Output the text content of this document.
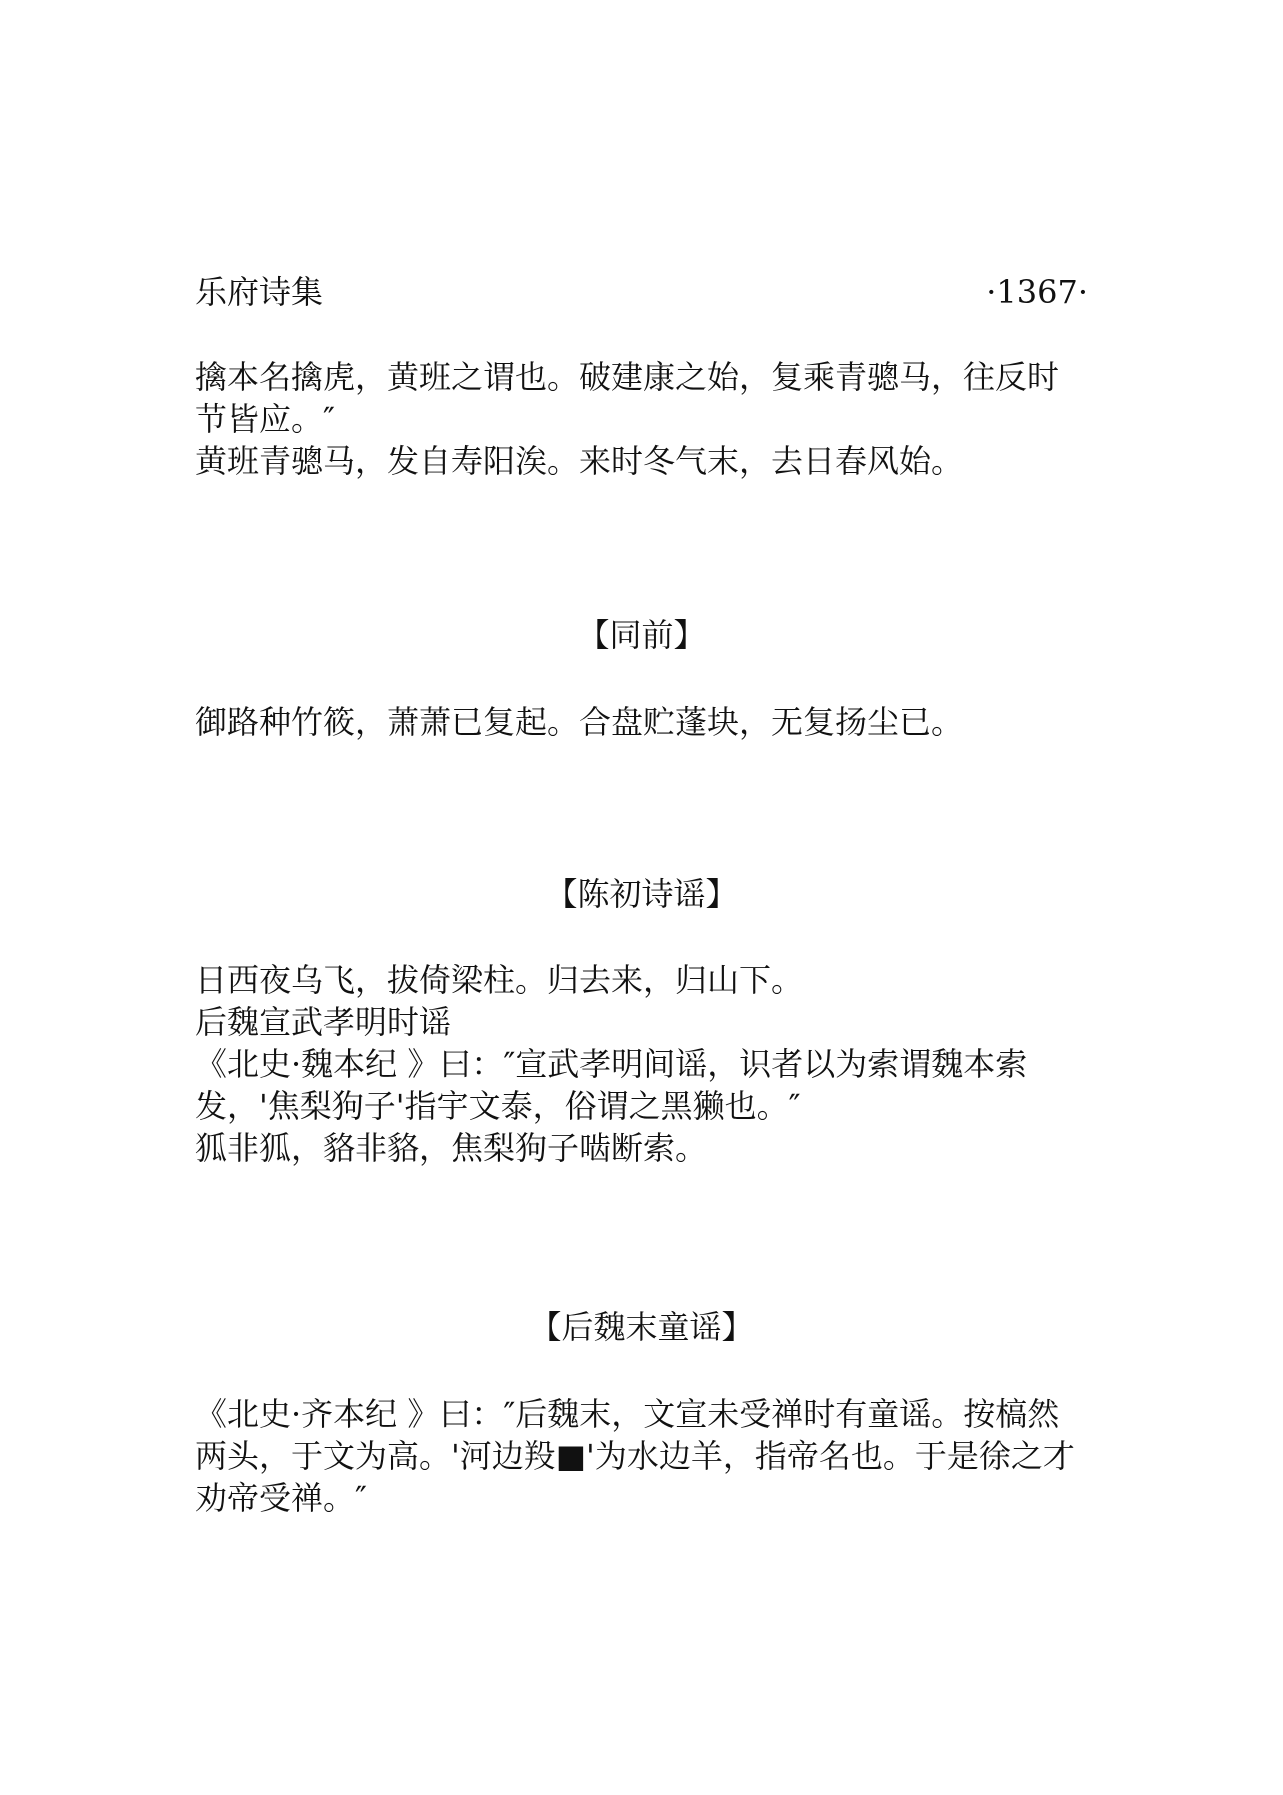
乐府诗集	·1367·

擒本名擒虎，黄班之谓也。破建康之始，复乘青骢马，往反时节皆应。″

黄班青骢马，发自寿阳涘。来时冬气末，去日春风始。

【同前】

御路种竹筱，萧萧已复起。合盘贮蓬块，无复扬尘已。

【陈初诗谣】

日西夜乌飞，拔倚梁柱。归去来，归山下。

后魏宣武孝明时谣

《北史·魏本纪 》曰：″宣武孝明间谣，识者以为索谓魏本索发，'焦梨狗子'指宇文泰，俗谓之黑獭也。″

狐非狐，貉非貉，焦梨狗子啮断索。

【后魏末童谣】

《北史·齐本纪 》曰：″后魏末，文宣未受禅时有童谣。按槁然两头，于文为高。'河边羖■'为水边羊，指帝名也。于是徐之才劝帝受禅。″
